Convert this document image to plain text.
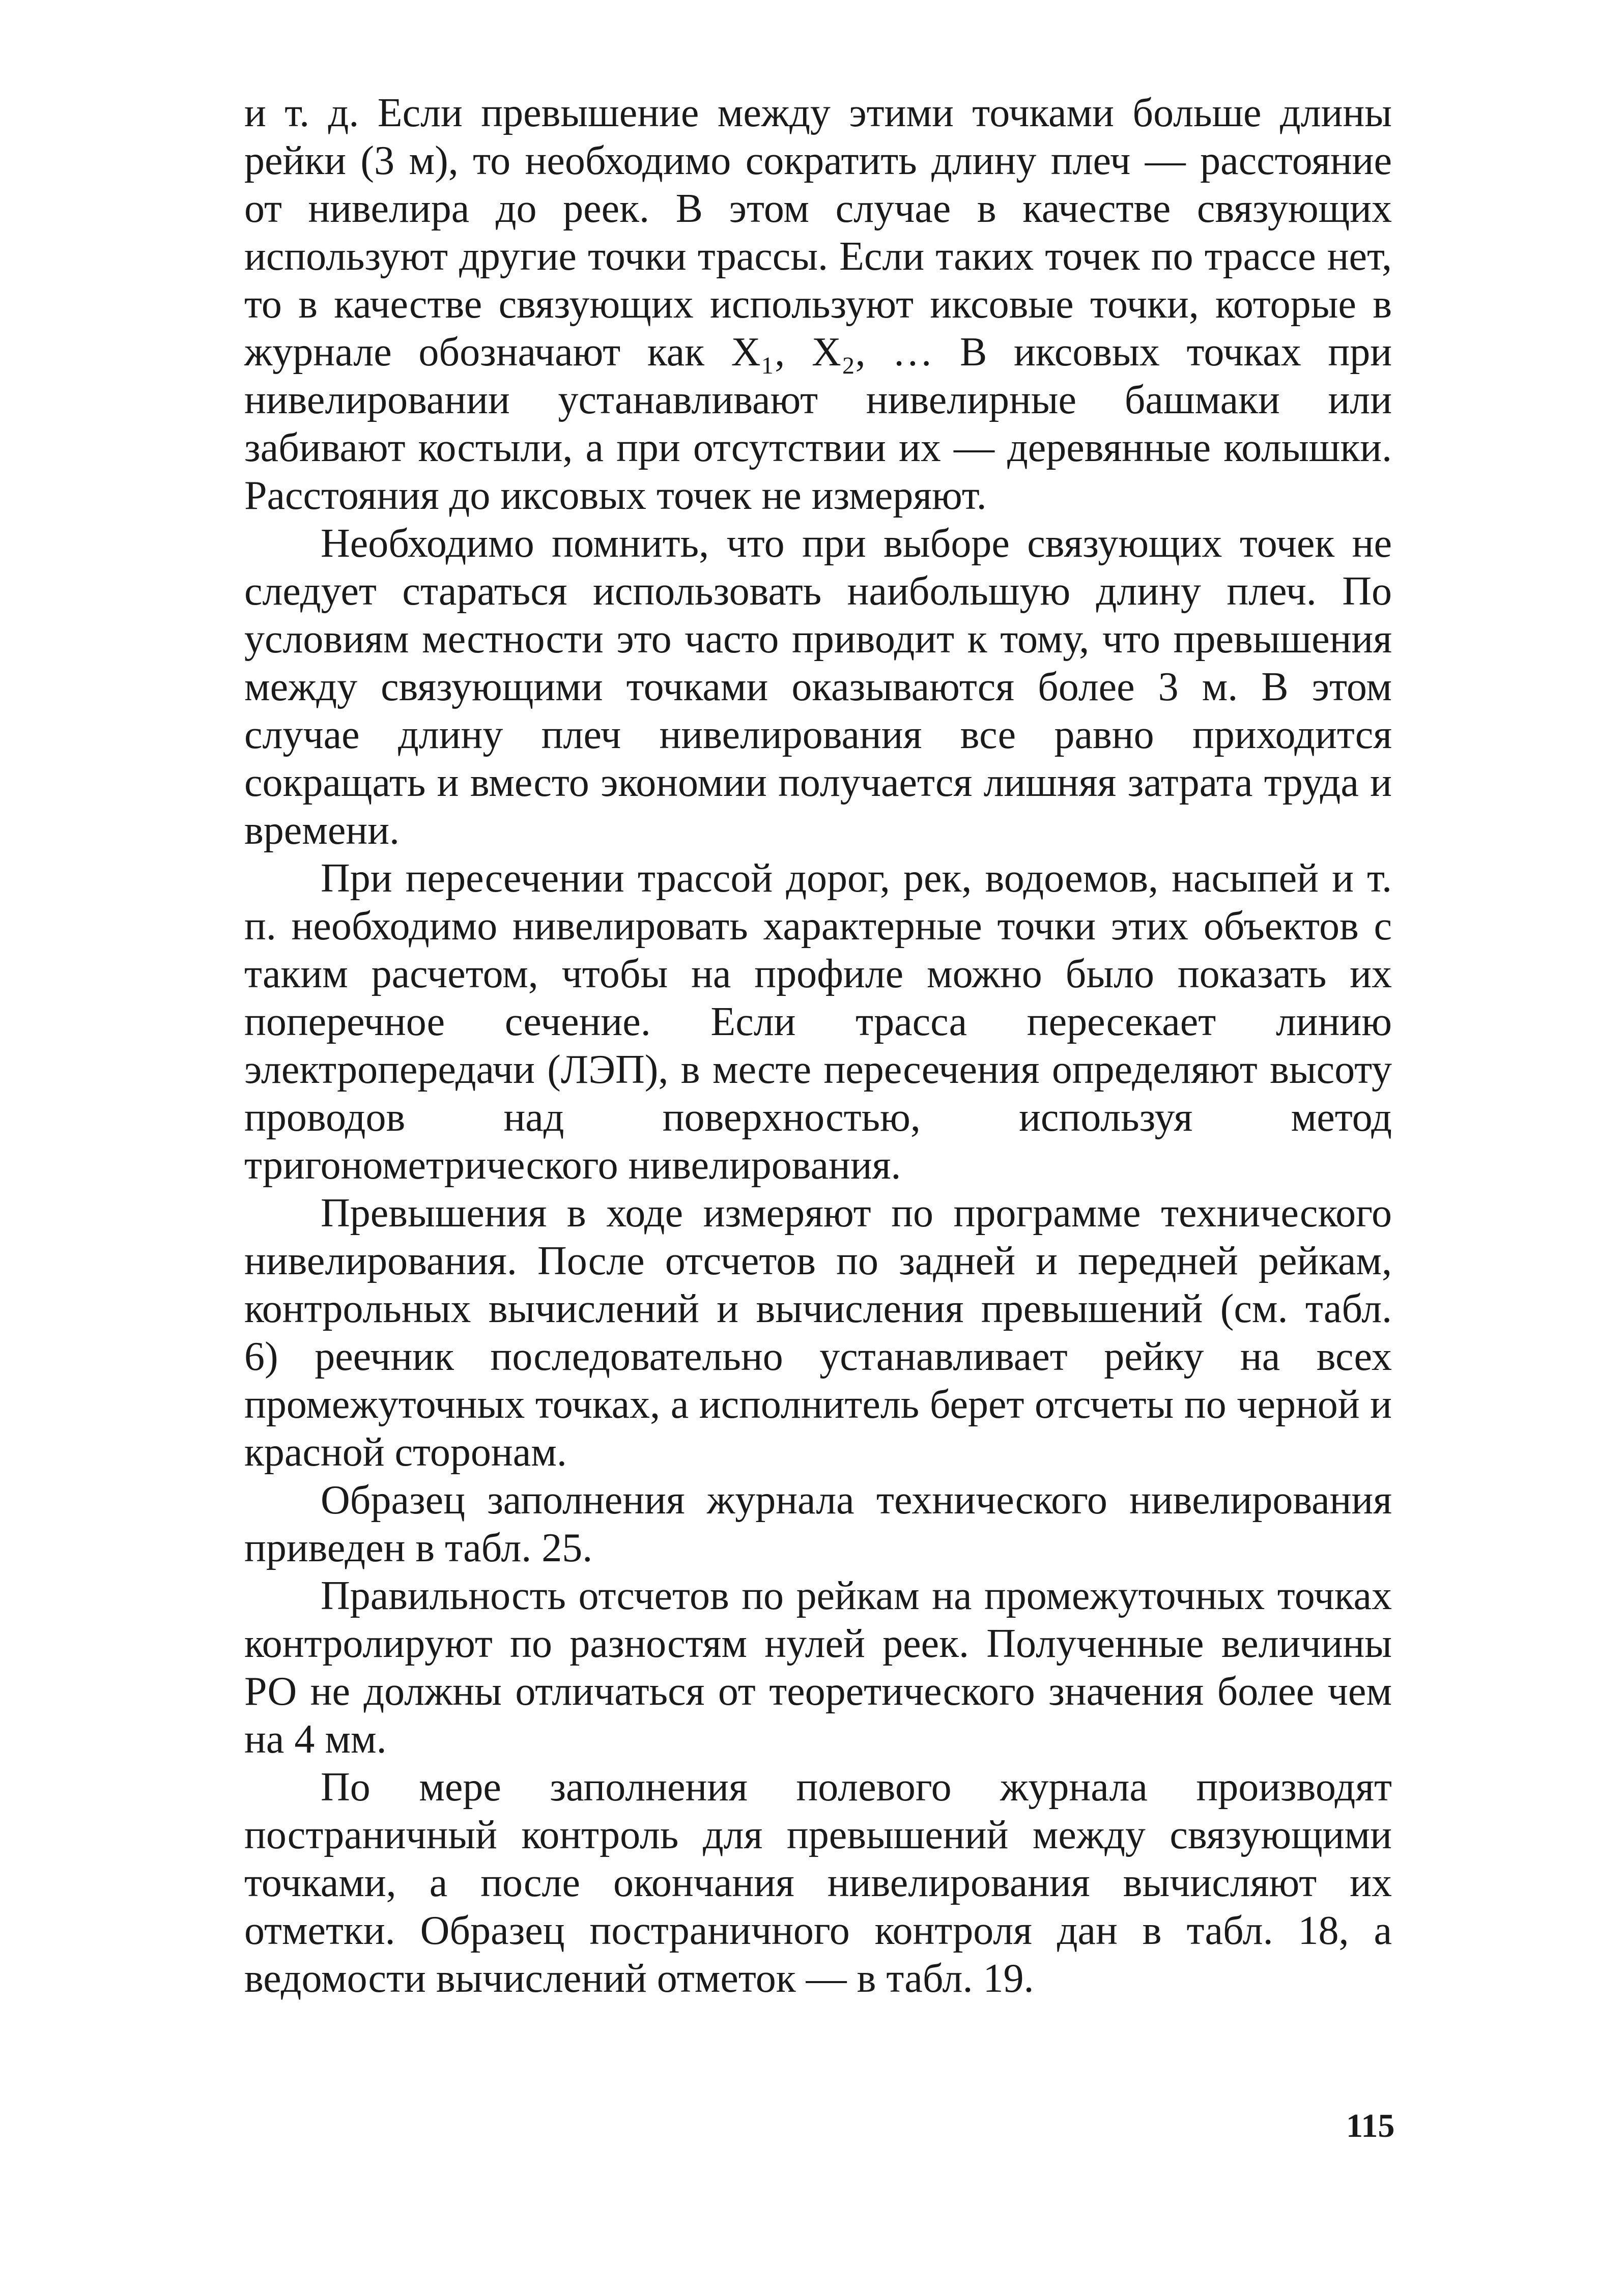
и т. д. Если превышение между этими точками больше длины рейки (3 м), то необходимо сократить длину плеч — расстояние от нивелира до реек. В этом случае в качестве связующих используют другие точки трассы. Если таких точек по трассе нет, то в качестве связующих используют иксовые точки, которые в журнале обозначают как X₁, X₂, … В иксовых точках при нивелировании устанавливают нивелирные башмаки или забивают костыли, а при отсутствии их — деревянные колышки. Расстояния до иксовых точек не измеряют.

Необходимо помнить, что при выборе связующих точек не следует стараться использовать наибольшую длину плеч. По условиям местности это часто приводит к тому, что превышения между связующими точками оказываются более 3 м. В этом случае длину плеч нивелирования все равно приходится сокращать и вместо экономии получается лишняя затрата труда и времени.

При пересечении трассой дорог, рек, водоемов, насыпей и т. п. необходимо нивелировать характерные точки этих объектов с таким расчетом, чтобы на профиле можно было показать их поперечное сечение. Если трасса пересекает линию электропередачи (ЛЭП), в месте пересечения определяют высоту проводов над поверхностью, используя метод тригонометрического нивелирования.

Превышения в ходе измеряют по программе технического нивелирования. После отсчетов по задней и передней рейкам, контрольных вычислений и вычисления превышений (см. табл. 6) реечник последовательно устанавливает рейку на всех промежуточных точках, а исполнитель берет отсчеты по черной и красной сторонам.

Образец заполнения журнала технического нивелирования приведен в табл. 25.

Правильность отсчетов по рейкам на промежуточных точках контролируют по разностям нулей реек. Полученные величины РО не должны отличаться от теоретического значения более чем на 4 мм.

По мере заполнения полевого журнала производят постраничный контроль для превышений между связующими точками, а после окончания нивелирования вычисляют их отметки. Образец постраничного контроля дан в табл. 18, а ведомости вычислений отметок — в табл. 19.

115
